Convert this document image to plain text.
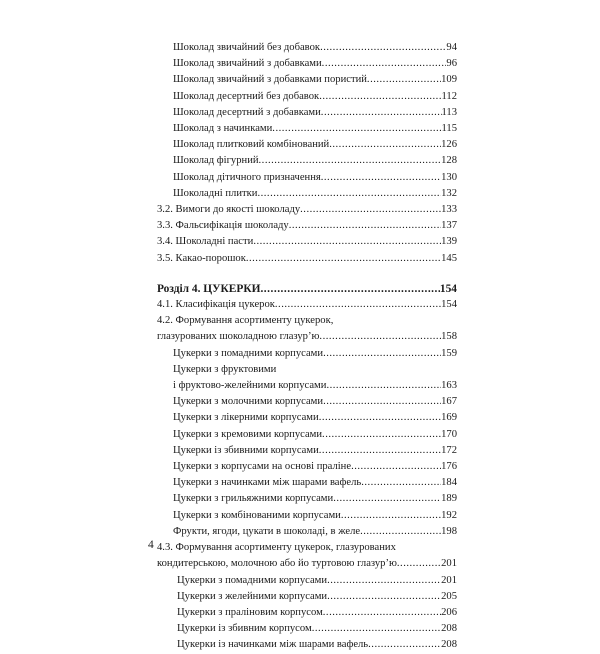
Шоколад звичайний без добавок .....	94
Шоколад звичайний з добавками .....	96
Шоколад звичайний з добавками пористий .....	109
Шоколад десертний без добавок .....	112
Шоколад десертний з добавками .....	113
Шоколад з начинками .....	115
Шоколад плитковий комбінований .....	126
Шоколад фігурний .....	128
Шоколад дітичного призначення .....	130
Шоколадні плитки .....	132
3.2. Вимоги до якості шоколаду .....	133
3.3. Фальсифікація шоколаду .....	137
3.4. Шоколадні пасти .....	139
3.5. Какао-порошок .....	145
Розділ 4. ЦУКЕРКИ .....	154
4.1. Класифікація цукерок .....	154
4.2. Формування асортименту цукерок,
глазурованих шоколадною глазур’ю .....	158
Цукерки з помадними корпусами .....	159
Цукерки з фруктовими
і фруктово-желейними корпусами .....	163
Цукерки з молочними корпусами .....	167
Цукерки з лікерними корпусами .....	169
Цукерки з кремовими корпусами .....	170
Цукерки із збивними корпусами .....	172
Цукерки з корпусами на основі праліне .....	176
Цукерки з начинками між шарами вафель .....	184
Цукерки з грильяжними корпусами .....	189
Цукерки з комбінованими корпусами .....	192
Фрукти, ягоди, цукати в шоколаді, в желе .....	198
4.3. Формування асортименту цукерок, глазурованих
кондитерською, молочною або йо туртовою глазур’ю .....	201
Цукерки з помадними корпусами .....	201
Цукерки з желейними корпусами .....	205
Цукерки з праліновим корпусом .....	206
Цукерки із збивним корпусом .....	208
Цукерки із начинками між шарами вафель .....	208
4
